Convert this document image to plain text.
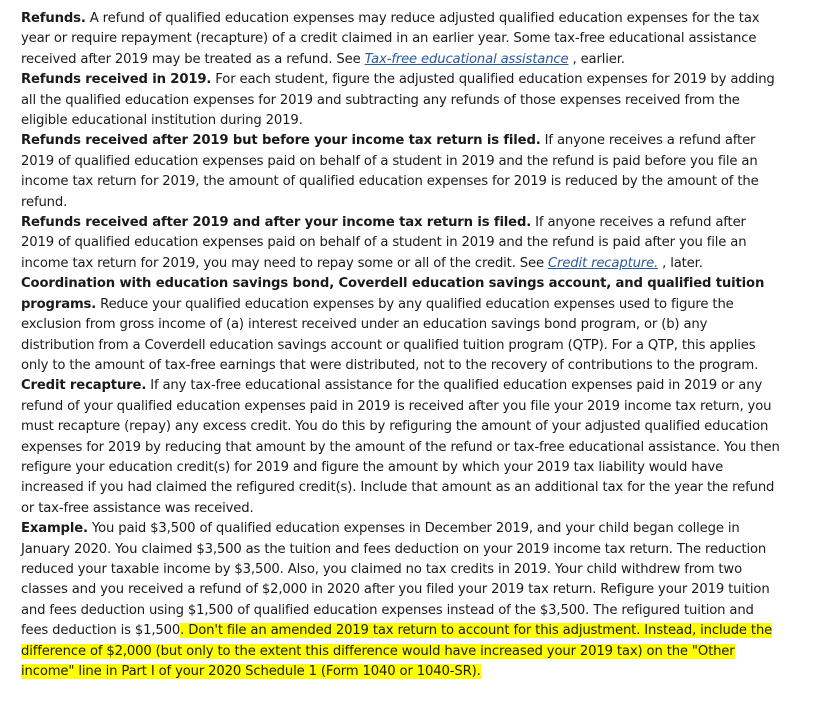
Refunds. A refund of qualified education expenses may reduce adjusted qualified education expenses for the tax year or require repayment (recapture) of a credit claimed in an earlier year. Some tax-free educational assistance received after 2019 may be treated as a refund. See Tax-free educational assistance , earlier.

Refunds received in 2019. For each student, figure the adjusted qualified education expenses for 2019 by adding all the qualified education expenses for 2019 and subtracting any refunds of those expenses received from the eligible educational institution during 2019.

Refunds received after 2019 but before your income tax return is filed. If anyone receives a refund after 2019 of qualified education expenses paid on behalf of a student in 2019 and the refund is paid before you file an income tax return for 2019, the amount of qualified education expenses for 2019 is reduced by the amount of the refund.

Refunds received after 2019 and after your income tax return is filed. If anyone receives a refund after 2019 of qualified education expenses paid on behalf of a student in 2019 and the refund is paid after you file an income tax return for 2019, you may need to repay some or all of the credit. See Credit recapture. , later.

Coordination with education savings bond, Coverdell education savings account, and qualified tuition programs. Reduce your qualified education expenses by any qualified education expenses used to figure the exclusion from gross income of (a) interest received under an education savings bond program, or (b) any distribution from a Coverdell education savings account or qualified tuition program (QTP). For a QTP, this applies only to the amount of tax-free earnings that were distributed, not to the recovery of contributions to the program.

Credit recapture. If any tax-free educational assistance for the qualified education expenses paid in 2019 or any refund of your qualified education expenses paid in 2019 is received after you file your 2019 income tax return, you must recapture (repay) any excess credit. You do this by refiguring the amount of your adjusted qualified education expenses for 2019 by reducing that amount by the amount of the refund or tax-free educational assistance. You then refigure your education credit(s) for 2019 and figure the amount by which your 2019 tax liability would have increased if you had claimed the refigured credit(s). Include that amount as an additional tax for the year the refund or tax-free assistance was received.

Example. You paid $3,500 of qualified education expenses in December 2019, and your child began college in January 2020. You claimed $3,500 as the tuition and fees deduction on your 2019 income tax return. The reduction reduced your taxable income by $3,500. Also, you claimed no tax credits in 2019. Your child withdrew from two classes and you received a refund of $2,000 in 2020 after you filed your 2019 tax return. Refigure your 2019 tuition and fees deduction using $1,500 of qualified education expenses instead of the $3,500. The refigured tuition and fees deduction is $1,500. Don't file an amended 2019 tax return to account for this adjustment. Instead, include the difference of $2,000 (but only to the extent this difference would have increased your 2019 tax) on the "Other income" line in Part I of your 2020 Schedule 1 (Form 1040 or 1040-SR).
